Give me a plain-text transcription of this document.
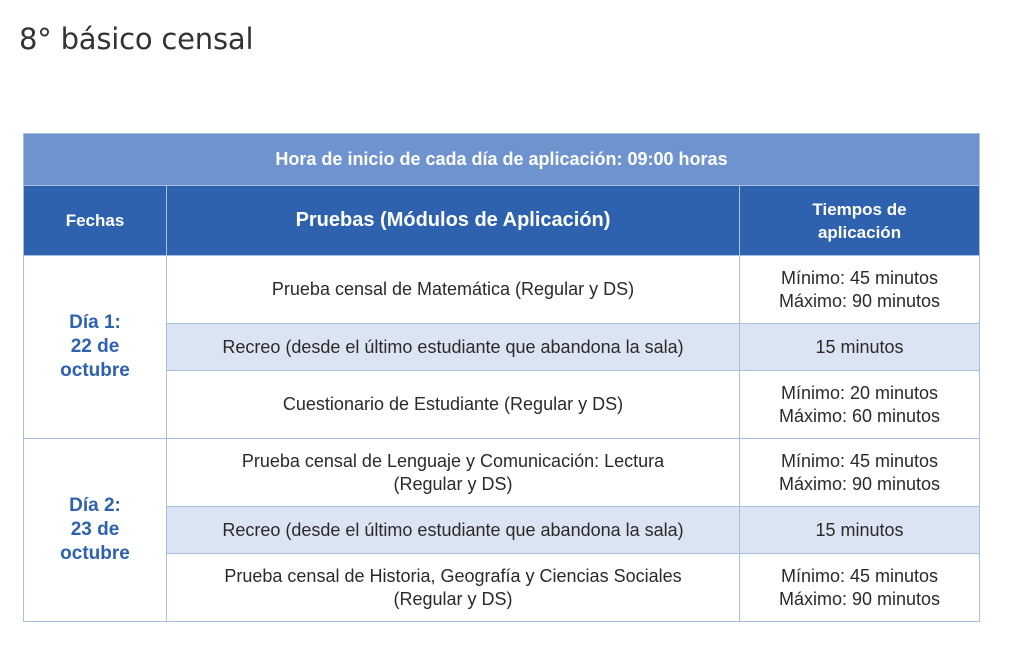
8° básico censal
Hora de inicio de cada día de aplicación: 09:00 horas		
Fechas	Pruebas (Módulos de Aplicación)	Tiempos de
aplicación

Día 1:
22 de
octubre	Prueba censal de Matemática (Regular y DS)	Mínimo: 45 minutos
Máximo: 90 minutos

	Recreo (desde el último estudiante que abandona la sala)	15 minutos

	Cuestionario de Estudiante (Regular y DS)	Mínimo: 20 minutos
Máximo: 60 minutos

Día 2:
23 de
octubre	Prueba censal de Lenguaje y Comunicación: Lectura
(Regular y DS)	Mínimo: 45 minutos
Máximo: 90 minutos

	Recreo (desde el último estudiante que abandona la sala)	15 minutos

	Prueba censal de Historia, Geografía y Ciencias Sociales
(Regular y DS)	Mínimo: 45 minutos
Máximo: 90 minutos
